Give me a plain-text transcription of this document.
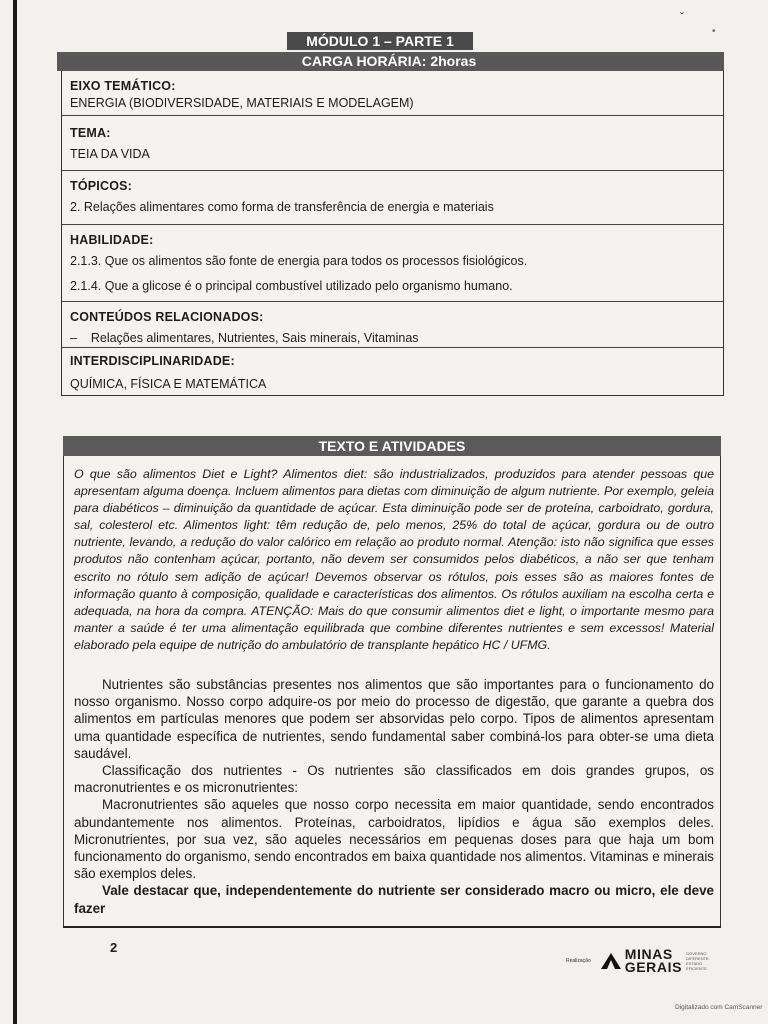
ˇ
•
CARGA HORÁRIA: 2horas
MÓDULO 1 – PARTE 1
EIXO TEMÁTICO:
ENERGIA (BIODIVERSIDADE, MATERIAIS E MODELAGEM)
TEMA:
TEIA DA VIDA
TÓPICOS:
2. Relações alimentares como forma de transferência de energia e materiais
HABILIDADE:
2.1.3. Que os alimentos são fonte de energia para todos os processos fisiológicos.
2.1.4. Que a glicose é o principal combustível utilizado pelo organismo humano.
CONTEÚDOS RELACIONADOS:
–    Relações alimentares, Nutrientes, Sais minerais, Vitaminas
INTERDISCIPLINARIDADE:
QUÍMICA, FÍSICA E MATEMÁTICA
TEXTO E ATIVIDADES

O que são alimentos Diet e Light? Alimentos diet: são industrializados, produzidos para atender pessoas que apresentam alguma doença. Incluem alimentos para dietas com diminuição de algum nutriente. Por exemplo, geleia para diabéticos – diminuição da quantidade de açúcar. Esta diminuição pode ser de proteína, carboidrato, gordura, sal, colesterol etc. Alimentos light: têm redução de, pelo menos, 25% do total de açúcar, gordura ou de outro nutriente, levando, a redução do valor calórico em relação ao produto normal. Atenção: isto não significa que esses produtos não contenham açúcar, portanto, não devem ser consumidos pelos diabéticos, a não ser que tenham escrito no rótulo sem adição de açúcar! Devemos observar os rótulos, pois esses são as maiores fontes de informação quanto à composição, qualidade e características dos alimentos. Os rótulos auxiliam na escolha certa e adequada, na hora da compra. ATENÇÃO: Mais do que consumir alimentos diet e light, o importante mesmo para manter a saúde é ter uma alimentação equilibrada que combine diferentes nutrientes e sem excessos! Material elaborado pela equipe de nutrição do ambulatório de transplante hepático HC / UFMG.

Nutrientes são substâncias presentes nos alimentos que são importantes para o funcionamento do nosso organismo. Nosso corpo adquire-os por meio do processo de digestão, que garante a quebra dos alimentos em partículas menores que podem ser absorvidas pelo corpo. Tipos de alimentos apresentam uma quantidade específica de nutrientes, sendo fundamental saber combiná-los para obter-se uma dieta saudável.

Classificação dos nutrientes - Os nutrientes são classificados em dois grandes grupos, os macronutrientes e os micronutrientes:

Macronutrientes são aqueles que nosso corpo necessita em maior quantidade, sendo encontrados abundantemente nos alimentos. Proteínas, carboidratos, lipídios e água são exemplos deles. Micronutrientes, por sua vez, são aqueles necessários em pequenas doses para que haja um bom funcionamento do organismo, sendo encontrados em baixa quantidade nos alimentos. Vitaminas e minerais são exemplos deles.

Vale destacar que, independentemente do nutriente ser considerado macro ou micro, ele deve fazer

2
Realização MINAS
GERAIS
GOVERNO DIFERENTE. ESTADO EFICIENTE.
Digitalizado com CamScanner
